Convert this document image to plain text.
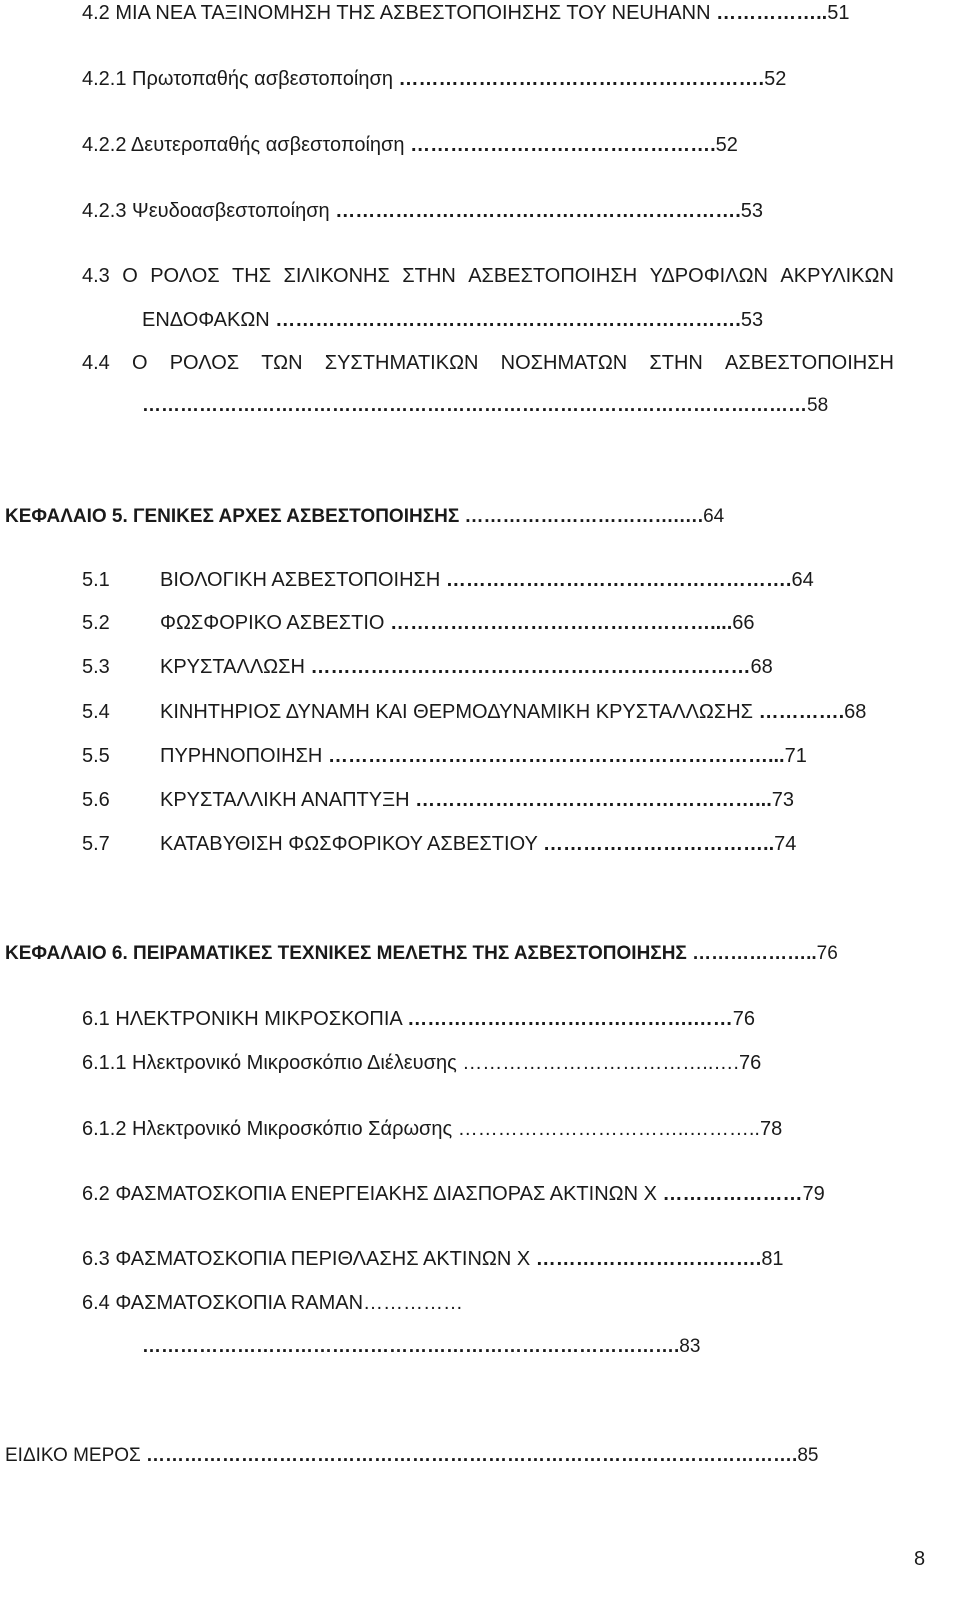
4.2 ΜΙΑ ΝΕΑ ΤΑΞΙΝΟΜΗΣΗ ΤΗΣ ΑΣΒΕΣΤΟΠΟΙΗΣΗΣ ΤΟΥ NEUHANN ……………..51
4.2.1 Πρωτοπαθής ασβεστοποίηση ……………………………………………….52
4.2.2 Δευτεροπαθής ασβεστοποίηση ……………………………………….52
4.2.3 Ψευδοασβεστοποίηση …………………………………………………….53
4.3 Ο ΡΟΛΟΣ ΤΗΣ ΣΙΛΙΚΟΝΗΣ ΣΤΗΝ ΑΣΒΕΣΤΟΠΟΙΗΣΗ ΥΔΡΟΦΙΛΩΝ ΑΚΡΥΛΙΚΩΝ
ΕΝΔΟΦΑΚΩΝ …………………………………………………………….53
4.4 Ο ΡΟΛΟΣ ΤΩΝ ΣΥΣΤΗΜΑΤΙΚΩΝ ΝΟΣΗΜΑΤΩΝ ΣΤΗΝ ΑΣΒΕΣΤΟΠΟΙΗΣΗ
……………………………………………………………………………………………58
ΚΕΦΑΛΑΙΟ 5. ΓΕΝΙΚΕΣ ΑΡΧΕΣ ΑΣΒΕΣΤΟΠΟΙΗΣΗΣ …………………………….….64
5.1	ΒΙΟΛΟΓΙΚΗ ΑΣΒΕΣΤΟΠΟΙΗΣΗ …………………………………………….64
5.2	ΦΩΣΦΟΡΙΚΟ ΑΣΒΕΣΤΙΟ …………………………………………....66
5.3	ΚΡΥΣΤΑΛΛΩΣΗ …………………………………………………………68
5.4	ΚΙΝΗΤΗΡΙΟΣ ΔΥΝΑΜΗ ΚΑΙ ΘΕΡΜΟΔΥΝΑΜΙΚΗ ΚΡΥΣΤΑΛΛΩΣΗΣ ………….68
5.5	ΠΥΡΗΝΟΠΟΙΗΣΗ …………………………………………………………...71
5.6	ΚΡΥΣΤΑΛΛΙΚΗ ΑΝΑΠΤΥΞΗ ……………………………………………...73
5.7	ΚΑΤΑΒΥΘΙΣΗ ΦΩΣΦΟΡΙΚΟΥ ΑΣΒΕΣΤΙΟΥ ……………………………..74
ΚΕΦΑΛΑΙΟ 6. ΠΕΙΡΑΜΑΤΙΚΕΣ ΤΕΧΝΙΚΕΣ ΜΕΛΕΤΗΣ ΤΗΣ ΑΣΒΕΣΤΟΠΟΙΗΣΗΣ ………………..76
6.1 ΗΛΕΚΤΡΟΝΙΚΗ ΜΙΚΡΟΣΚΟΠΙΑ …………………………………….……76
6.1.1 Ηλεκτρονικό Μικροσκόπιο Διέλευσης ………………………………..….76
6.1.2 Ηλεκτρονικό Μικροσκόπιο Σάρωσης ……………………………..………..78
6.2 ΦΑΣΜΑΤΟΣΚΟΠΙΑ ΕΝΕΡΓΕΙΑΚΗΣ ΔΙΑΣΠΟΡΑΣ ΑΚΤΙΝΩΝ Χ …………………79
6.3 ΦΑΣΜΑΤΟΣΚΟΠΙΑ ΠΕΡΙΘΛΑΣΗΣ ΑΚΤΙΝΩΝ Χ …………………………….81
6.4 ΦΑΣΜΑΤΟΣΚΟΠΙΑ RAMAN……………
………………………………………………………………………….83
ΕΙΔΙΚΟ ΜΕΡΟΣ ………………………………………………………………………………………….85
8
